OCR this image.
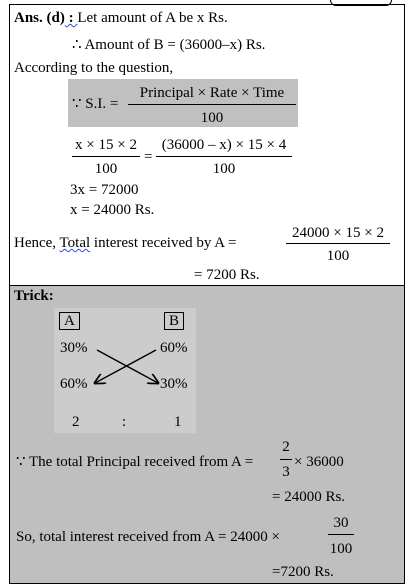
Ans. (d) : Let amount of A be x Rs.
∴ Amount of B = (36000–x) Rs.
According to the question,
∵ S.I. =
Principal × Rate × Time
100
x × 15 × 2
100
=
(36000 – x) × 15 × 4
100
3x = 72000
x = 24000 Rs.
Hence, Total interest received by A =
24000 × 15 × 2
100
= 7200 Rs.
Trick:
A	B
30%	60%
60%	30%
2	:	1
∵ The total Principal received from A =
2
3
× 36000
= 24000 Rs.
So, total interest received from A = 24000 ×
30
100
=7200 Rs.
